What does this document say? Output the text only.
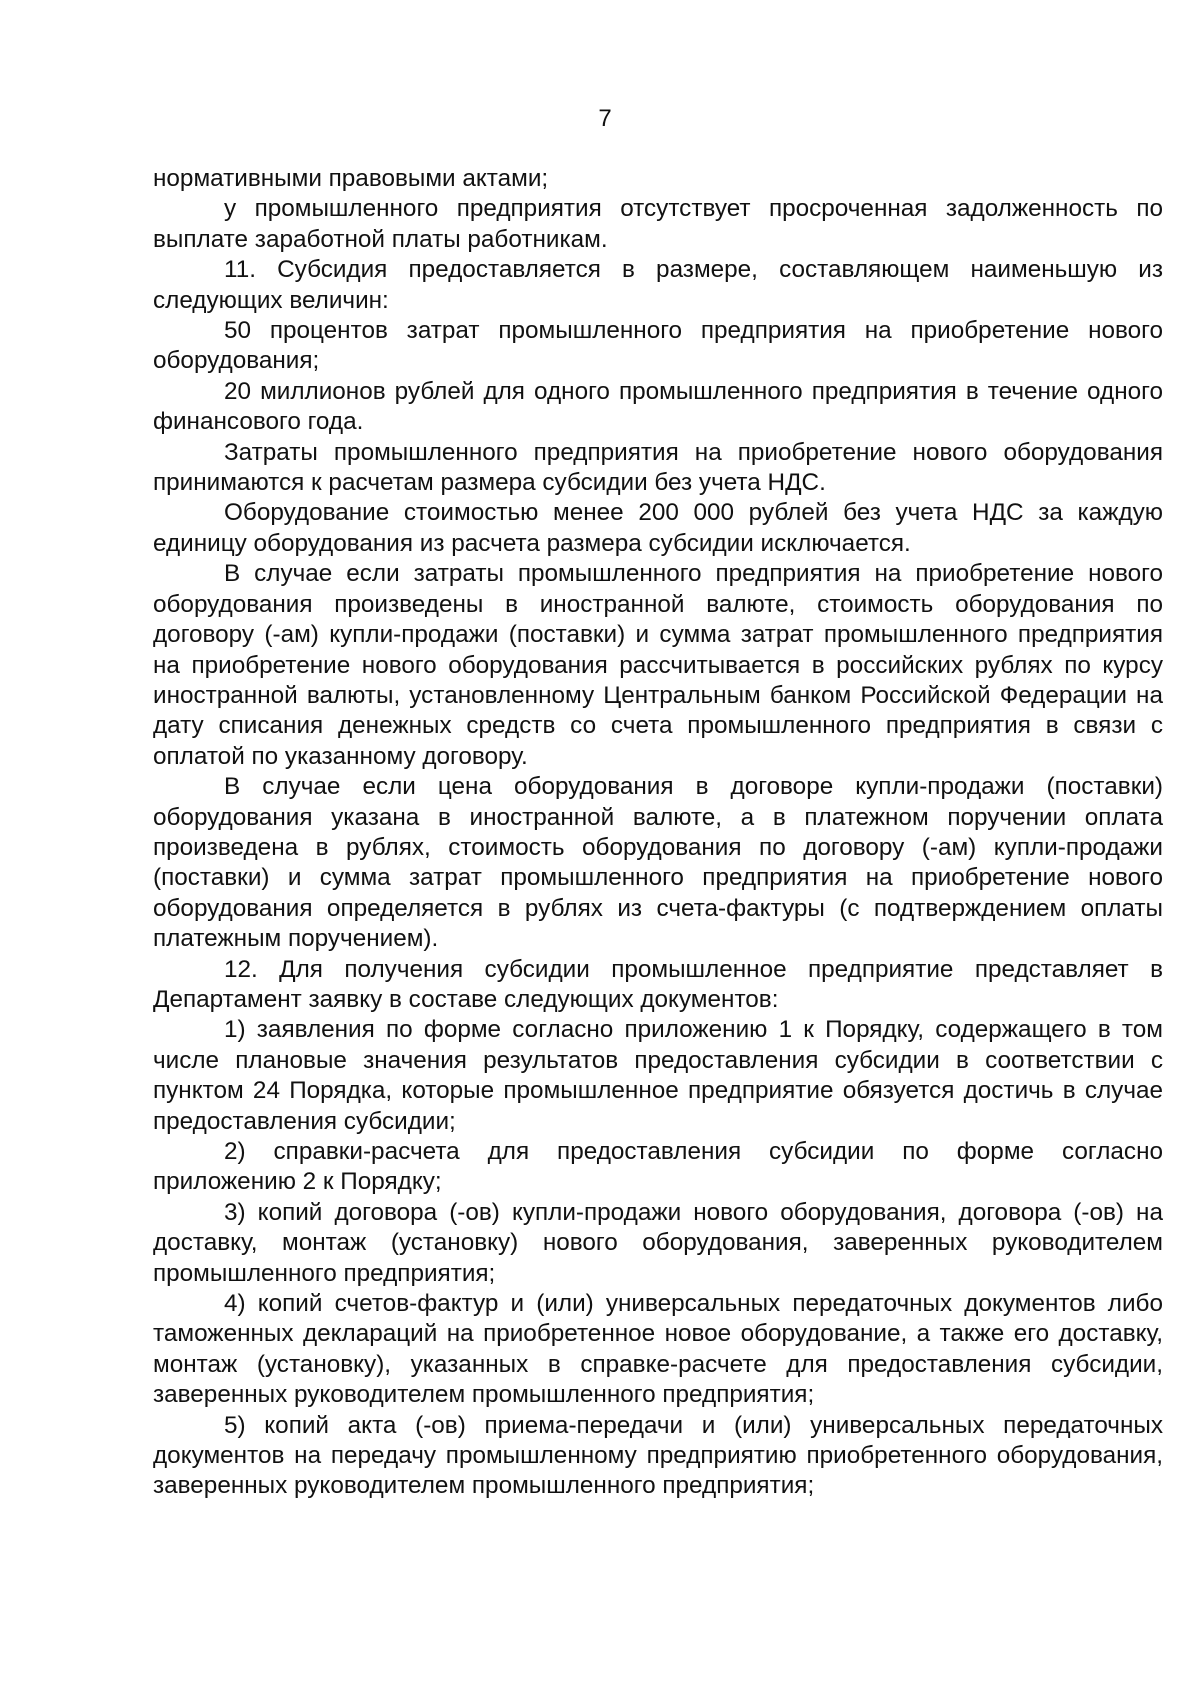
7

нормативными правовыми актами;

у промышленного предприятия отсутствует просроченная задолженность по выплате заработной платы работникам.

11. Субсидия предоставляется в размере, составляющем наименьшую из следующих величин:

50 процентов затрат промышленного предприятия на приобретение нового оборудования;

20 миллионов рублей для одного промышленного предприятия в течение одного финансового года.

Затраты промышленного предприятия на приобретение нового оборудования принимаются к расчетам размера субсидии без учета НДС.

Оборудование стоимостью менее 200 000 рублей без учета НДС за каждую единицу оборудования из расчета размера субсидии исключается.

В случае если затраты промышленного предприятия на приобретение нового оборудования произведены в иностранной валюте, стоимость оборудования по договору (-ам) купли-продажи (поставки) и сумма затрат промышленного предприятия на приобретение нового оборудования рассчитывается в российских рублях по курсу иностранной валюты, установленному Центральным банком Российской Федерации на дату списания денежных средств со счета промышленного предприятия в связи с оплатой по указанному договору.

В случае если цена оборудования в договоре купли-продажи (поставки) оборудования указана в иностранной валюте, а в платежном поручении оплата произведена в рублях, стоимость оборудования по договору (-ам) купли-продажи (поставки) и сумма затрат промышленного предприятия на приобретение нового оборудования определяется в рублях из счета-фактуры (с подтверждением оплаты платежным поручением).

12. Для получения субсидии промышленное предприятие представляет в Департамент заявку в составе следующих документов:

1) заявления по форме согласно приложению 1 к Порядку, содержащего в том числе плановые значения результатов предоставления субсидии в соответствии с пунктом 24 Порядка, которые промышленное предприятие обязуется достичь в случае предоставления субсидии;

2) справки-расчета для предоставления субсидии по форме согласно приложению 2 к Порядку;

3) копий договора (-ов) купли-продажи нового оборудования, договора (-ов) на доставку, монтаж (установку) нового оборудования, заверенных руководителем промышленного предприятия;

4) копий счетов-фактур и (или) универсальных передаточных документов либо таможенных деклараций на приобретенное новое оборудование, а также его доставку, монтаж (установку), указанных в справке-расчете для предоставления субсидии, заверенных руководителем промышленного предприятия;

5) копий акта (-ов) приема-передачи и (или) универсальных передаточных документов на передачу промышленному предприятию приобретенного оборудования, заверенных руководителем промышленного предприятия;
